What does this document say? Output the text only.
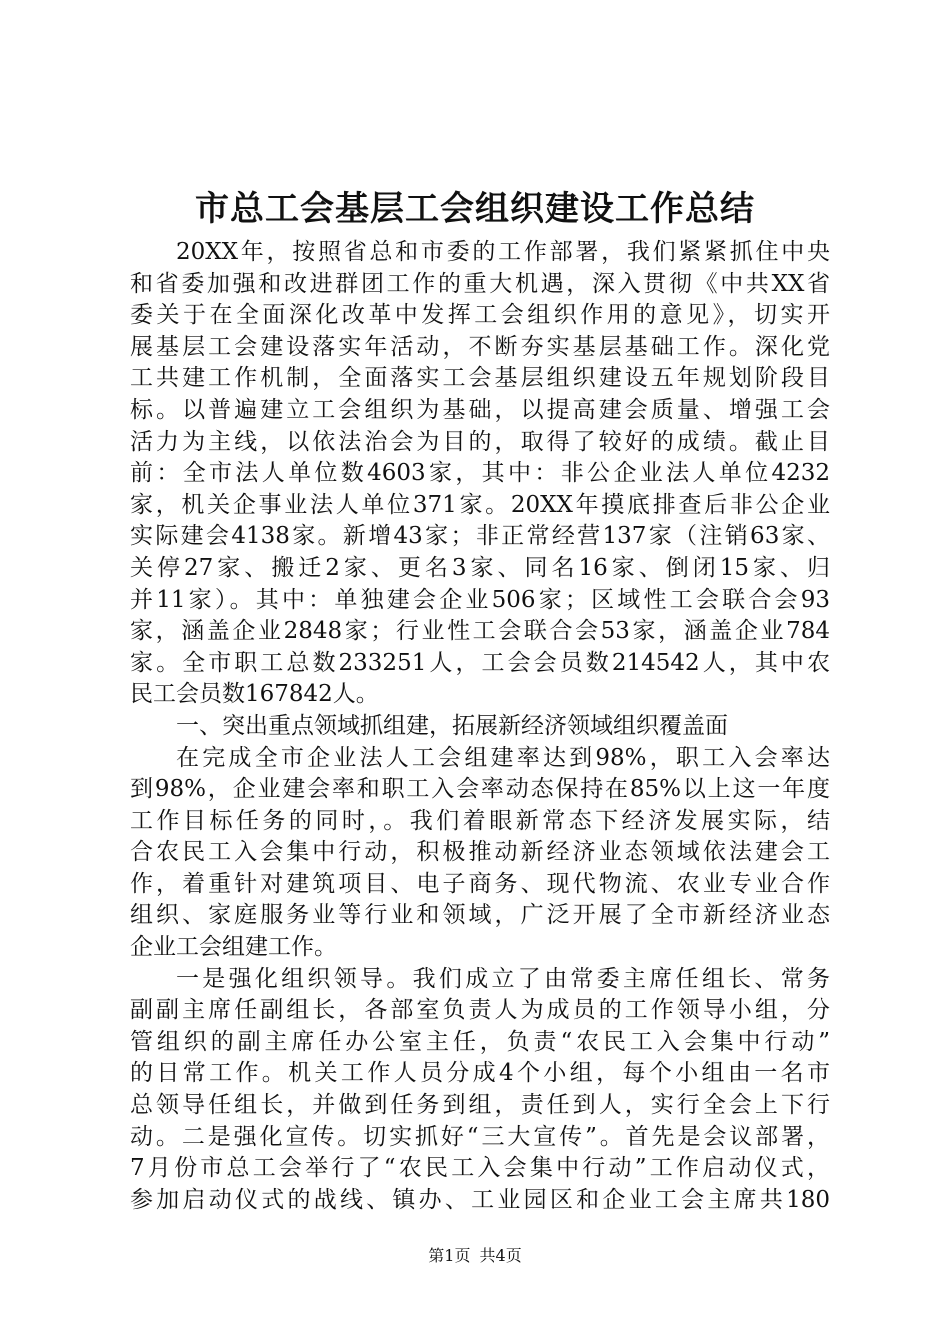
市总工会基层工会组织建设工作总结
20XX年，按照省总和市委的工作部署，我们紧紧抓住中央
和省委加强和改进群团工作的重大机遇，深入贯彻《中共XX省
委关于在全面深化改革中发挥工会组织作用的意见》，切实开
展基层工会建设落实年活动，不断夯实基层基础工作。深化党
工共建工作机制，全面落实工会基层组织建设五年规划阶段目
标。以普遍建立工会组织为基础，以提高建会质量、增强工会
活力为主线，以依法治会为目的，取得了较好的成绩。截止目
前：全市法人单位数4603家，其中：非公企业法人单位4232
家，机关企事业法人单位371家。20XX年摸底排查后非公企业
实际建会4138家。新增43家；非正常经营137家（注销63家、
关停27家、搬迁2家、更名3家、同名16家、倒闭15家、归
并11家）。其中：单独建会企业506家；区域性工会联合会93
家，涵盖企业2848家；行业性工会联合会53家，涵盖企业784
家。全市职工总数233251人，工会会员数214542人，其中农
民工会员数167842人。
一、突出重点领域抓组建，拓展新经济领域组织覆盖面
在完成全市企业法人工会组建率达到98%，职工入会率达
到98%，企业建会率和职工入会率动态保持在85%以上这一年度
工作目标任务的同时，。我们着眼新常态下经济发展实际，结
合农民工入会集中行动，积极推动新经济业态领域依法建会工
作，着重针对建筑项目、电子商务、现代物流、农业专业合作
组织、家庭服务业等行业和领域，广泛开展了全市新经济业态
企业工会组建工作。
一是强化组织领导。我们成立了由常委主席任组长、常务
副副主席任副组长，各部室负责人为成员的工作领导小组，分
管组织的副主席任办公室主任，负责“农民工入会集中行动”
的日常工作。机关工作人员分成4个小组，每个小组由一名市
总领导任组长，并做到任务到组，责任到人，实行全会上下行
动。二是强化宣传。切实抓好“三大宣传”。首先是会议部署，
7月份市总工会举行了“农民工入会集中行动”工作启动仪式，
参加启动仪式的战线、镇办、工业园区和企业工会主席共180
第1页 共4页
